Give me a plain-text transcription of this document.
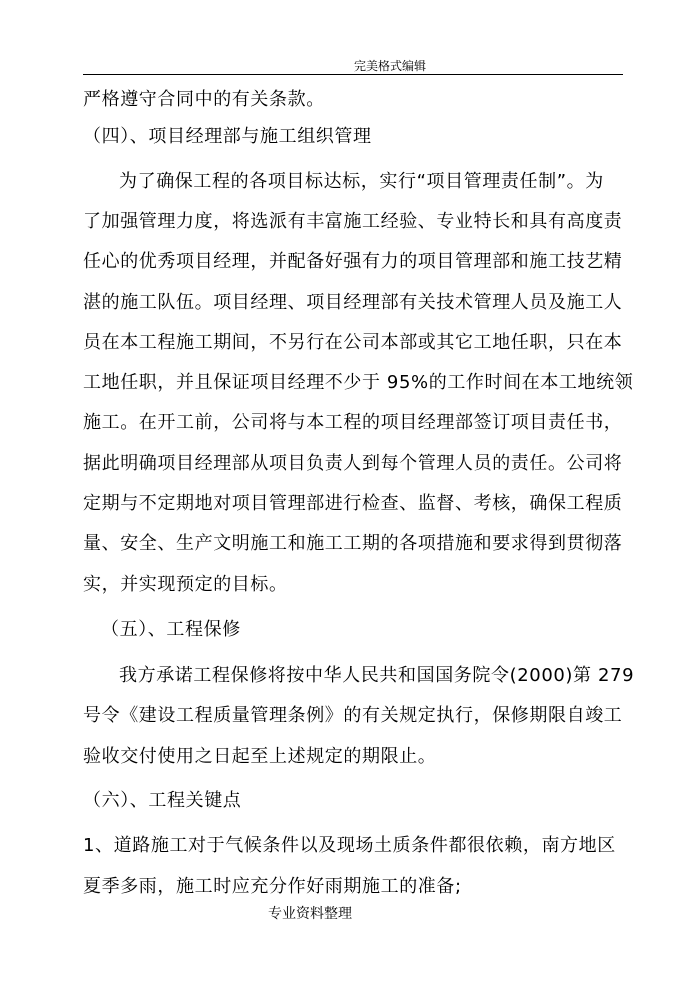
完美格式编辑
严格遵守合同中的有关条款。
（四）、项目经理部与施工组织管理
为了确保工程的各项目标达标，实行“项目管理责任制”。为
了加强管理力度，将选派有丰富施工经验、专业特长和具有高度责
任心的优秀项目经理，并配备好强有力的项目管理部和施工技艺精
湛的施工队伍。项目经理、项目经理部有关技术管理人员及施工人
员在本工程施工期间，不另行在公司本部或其它工地任职，只在本
工地任职，并且保证项目经理不少于 95%的工作时间在本工地统领
施工。在开工前，公司将与本工程的项目经理部签订项目责任书，
据此明确项目经理部从项目负责人到每个管理人员的责任。公司将
定期与不定期地对项目管理部进行检查、监督、考核，确保工程质
量、安全、生产文明施工和施工工期的各项措施和要求得到贯彻落
实，并实现预定的目标。
（五）、工程保修
我方承诺工程保修将按中华人民共和国国务院令(2000)第 279
号令《建设工程质量管理条例》的有关规定执行，保修期限自竣工
验收交付使用之日起至上述规定的期限止。
（六）、工程关键点
1、道路施工对于气候条件以及现场土质条件都很依赖，南方地区
夏季多雨，施工时应充分作好雨期施工的准备;
专业资料整理
